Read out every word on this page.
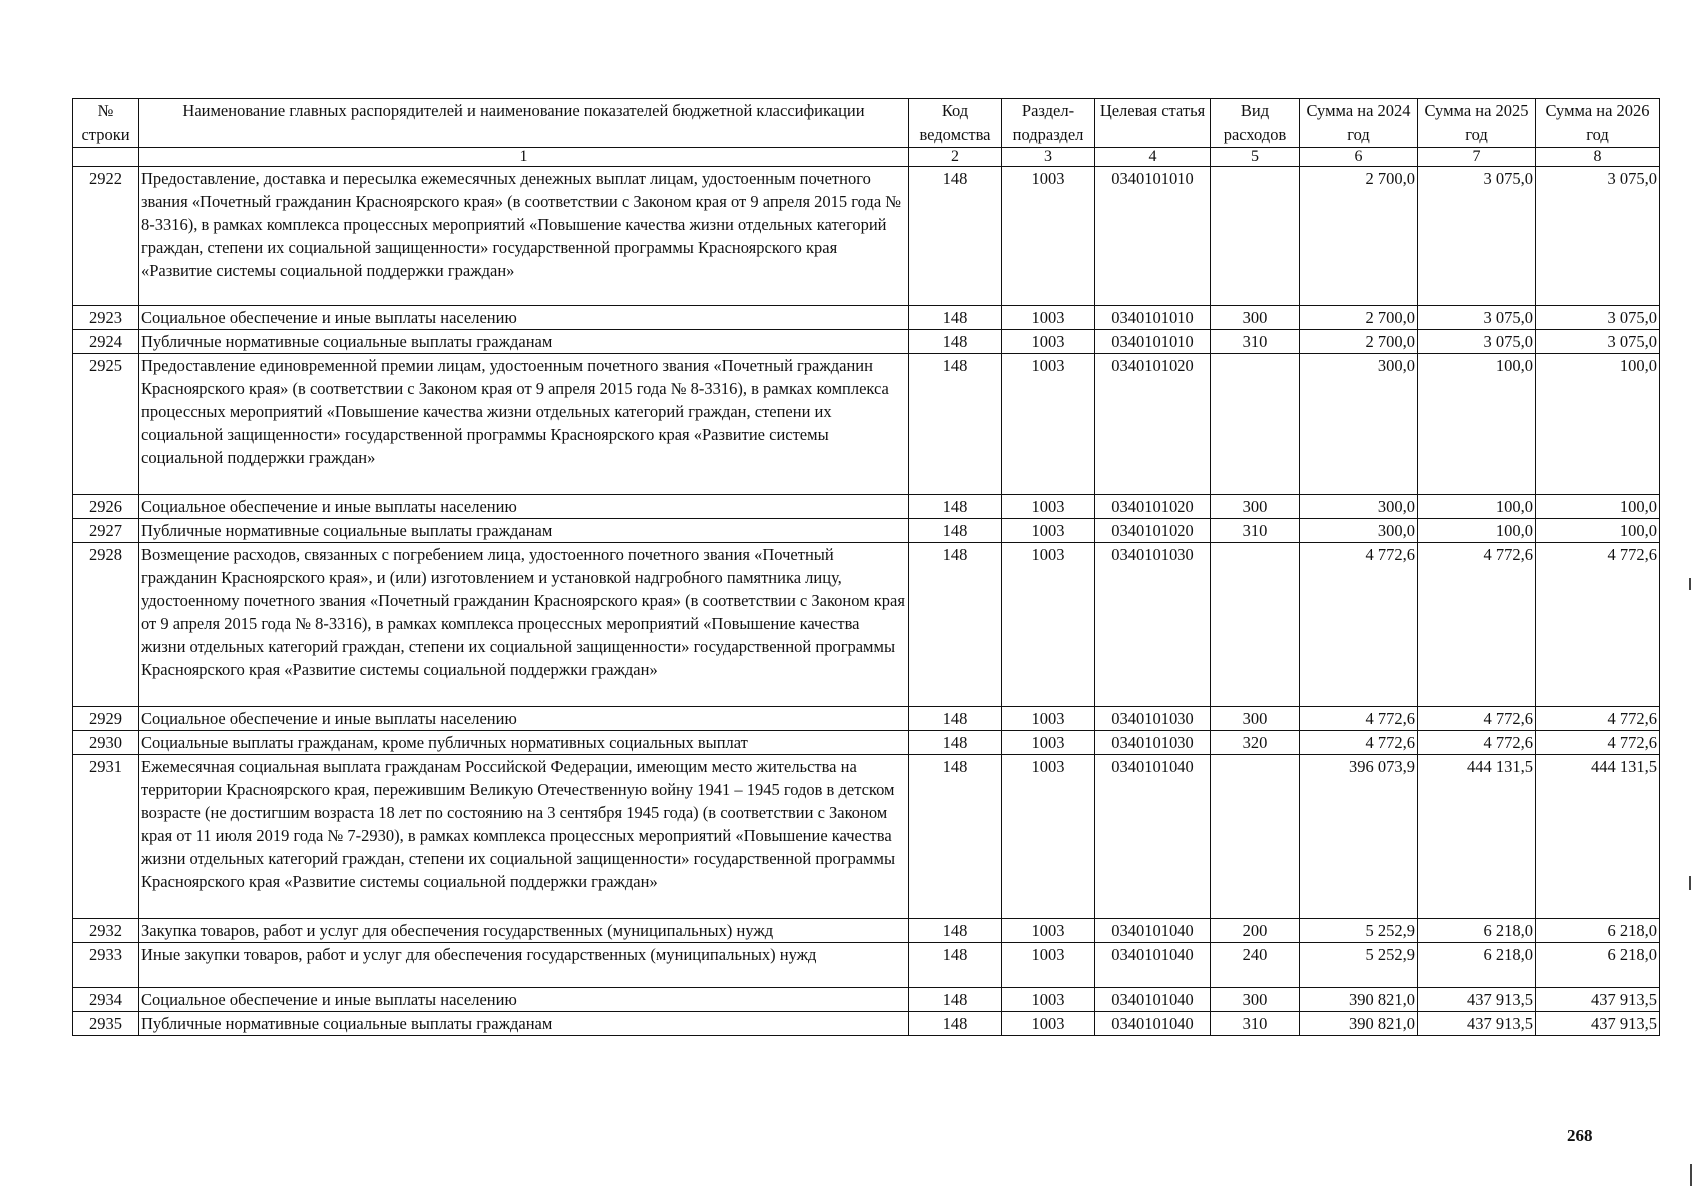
№ строки	Наименование главных распорядителей и наименование показателей бюджетной классификации	Код ведомства	Раздел-подраздел	Целевая статья	Вид расходов	Сумма на 2024 год	Сумма на 2025 год	Сумма на 2026 год
	1	2	3	4	5	6	7	8
2922	Предоставление, доставка и пересылка ежемесячных денежных выплат лицам, удостоенным почетного звания «Почетный гражданин Красноярского края» (в соответствии с Законом края от 9 апреля 2015 года № 8-3316), в рамках комплекса процессных мероприятий «Повышение качества жизни отдельных категорий граждан, степени их социальной защищенности» государственной программы Красноярского края «Развитие системы социальной поддержки граждан»	148	1003	0340101010		2 700,0	3 075,0	3 075,0
2923	Социальное обеспечение и иные выплаты населению	148	1003	0340101010	300	2 700,0	3 075,0	3 075,0
2924	Публичные нормативные социальные выплаты гражданам	148	1003	0340101010	310	2 700,0	3 075,0	3 075,0
2925	Предоставление единовременной премии лицам, удостоенным почетного звания «Почетный гражданин Красноярского края» (в соответствии с Законом края от 9 апреля 2015 года № 8-3316), в рамках комплекса процессных мероприятий «Повышение качества жизни отдельных категорий граждан, степени их социальной защищенности» государственной программы Красноярского края «Развитие системы социальной поддержки граждан»	148	1003	0340101020		300,0	100,0	100,0
2926	Социальное обеспечение и иные выплаты населению	148	1003	0340101020	300	300,0	100,0	100,0
2927	Публичные нормативные социальные выплаты гражданам	148	1003	0340101020	310	300,0	100,0	100,0
2928	Возмещение расходов, связанных с погребением лица, удостоенного почетного звания «Почетный гражданин Красноярского края», и (или) изготовлением и установкой надгробного памятника лицу, удостоенному почетного звания «Почетный гражданин Красноярского края» (в соответствии с Законом края от 9 апреля 2015 года № 8-3316), в рамках комплекса процессных мероприятий «Повышение качества жизни отдельных категорий граждан, степени их социальной защищенности» государственной программы Красноярского края «Развитие системы социальной поддержки граждан»	148	1003	0340101030		4 772,6	4 772,6	4 772,6
2929	Социальное обеспечение и иные выплаты населению	148	1003	0340101030	300	4 772,6	4 772,6	4 772,6
2930	Социальные выплаты гражданам, кроме публичных нормативных социальных выплат	148	1003	0340101030	320	4 772,6	4 772,6	4 772,6
2931	Ежемесячная социальная выплата гражданам Российской Федерации, имеющим место жительства на территории Красноярского края, пережившим Великую Отечественную войну 1941 – 1945 годов в детском возрасте (не достигшим возраста 18 лет по состоянию на 3 сентября 1945 года) (в соответствии с Законом края от 11 июля 2019 года № 7-2930), в рамках комплекса процессных мероприятий «Повышение качества жизни отдельных категорий граждан, степени их социальной защищенности» государственной программы Красноярского края «Развитие системы социальной поддержки граждан»	148	1003	0340101040		396 073,9	444 131,5	444 131,5
2932	Закупка товаров, работ и услуг для обеспечения государственных (муниципальных) нужд	148	1003	0340101040	200	5 252,9	6 218,0	6 218,0
2933	Иные закупки товаров, работ и услуг для обеспечения государственных (муниципальных) нужд	148	1003	0340101040	240	5 252,9	6 218,0	6 218,0
2934	Социальное обеспечение и иные выплаты населению	148	1003	0340101040	300	390 821,0	437 913,5	437 913,5
2935	Публичные нормативные социальные выплаты гражданам	148	1003	0340101040	310	390 821,0	437 913,5	437 913,5
268
